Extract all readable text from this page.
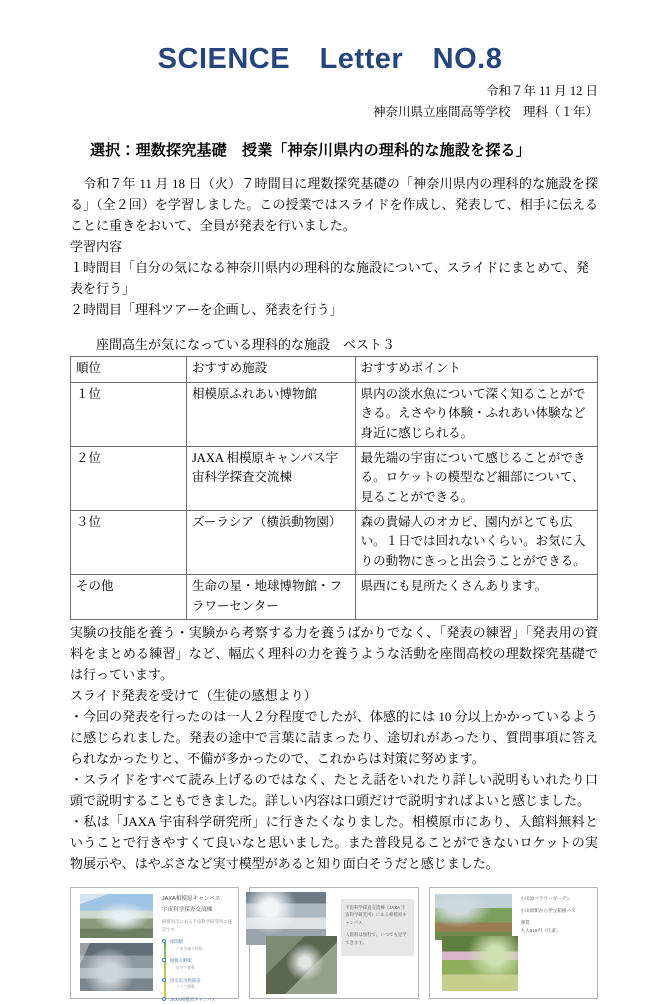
SCIENCE　Letter　NO.8
令和７年 11 月 12 日
神奈川県立座間高等学校　理科（１年）
選択：理数探究基礎　授業「神奈川県内の理科的な施設を探る」

令和７年 11 月 18 日（火）７時間目に理数探究基礎の「神奈川県内の理科的な施設を探る」（全２回）を学習しました。この授業ではスライドを作成し、発表して、相手に伝えることに重きをおいて、全員が発表を行いました。

学習内容

１時間目「自分の気になる神奈川県内の理科的な施設について、スライドにまとめて、発表を行う」

２時間目「理科ツアーを企画し、発表を行う」

座間高生が気になっている理科的な施設　ベスト３
順位	おすすめ施設	おすすめポイント
１位	相模原ふれあい博物館	県内の淡水魚について深く知ることができる。えさやり体験・ふれあい体験など身近に感じられる。
２位	JAXA 相模原キャンパス宇宙科学探査交流棟	最先端の宇宙について感じることができる。ロケットの模型など細部について、見ることができる。
３位	ズーラシア（横浜動物園）	森の貴婦人のオカピ、園内がとても広い。１日では回れないくらい。お気に入りの動物にきっと出会うことができる。
その他	生命の星・地球博物館・フラワーセンター	県西にも見所たくさんあります。

実験の技能を養う・実験から考察する力を養うばかりでなく、「発表の練習」「発表用の資料をまとめる練習」など、幅広く理科の力を養うような活動を座間高校の理数探究基礎では行っています。

スライド発表を受けて（生徒の感想より）

・今回の発表を行ったのは一人２分程度でしたが、体感的には 10 分以上かかっているように感じられました。発表の途中で言葉に詰まったり、途切れがあったり、質問事項に答えられなかったりと、不備が多かったので、これからは対策に努めます。

・スライドをすべて読み上げるのではなく、たとえ話をいれたり詳しい説明もいれたり口頭で説明することもできました。詳しい内容は口頭だけで説明すればよいと感じました。

・私は「JAXA 宇宙科学研究所」に行きたくなりました。相模原市にあり、入館料無料ということで行きやすくて良いなと思いました。また普段見ることができないロケットの実物展示や、はやぶさなど実寸模型があると知り面白そうだと感じました。

JAXA相模原キャンパス
宇宙科学探査交流棟
相模原市にある宇宙科学研究所の施設です
座間駅
小田急線で移動
相模大野駅
徒歩で移動
淡水魚水族館前
バスで移動
JAXA相模原キャンパス

宇宙科学探査交流棟（JAXA 宇宙科学研究所）にある相模原キャンパス

入館料は無料で、いつでも見学できます。

小田原フラワーガーデン

小田原駅から伊豆箱根バス

運賃

大人510円（片道）
